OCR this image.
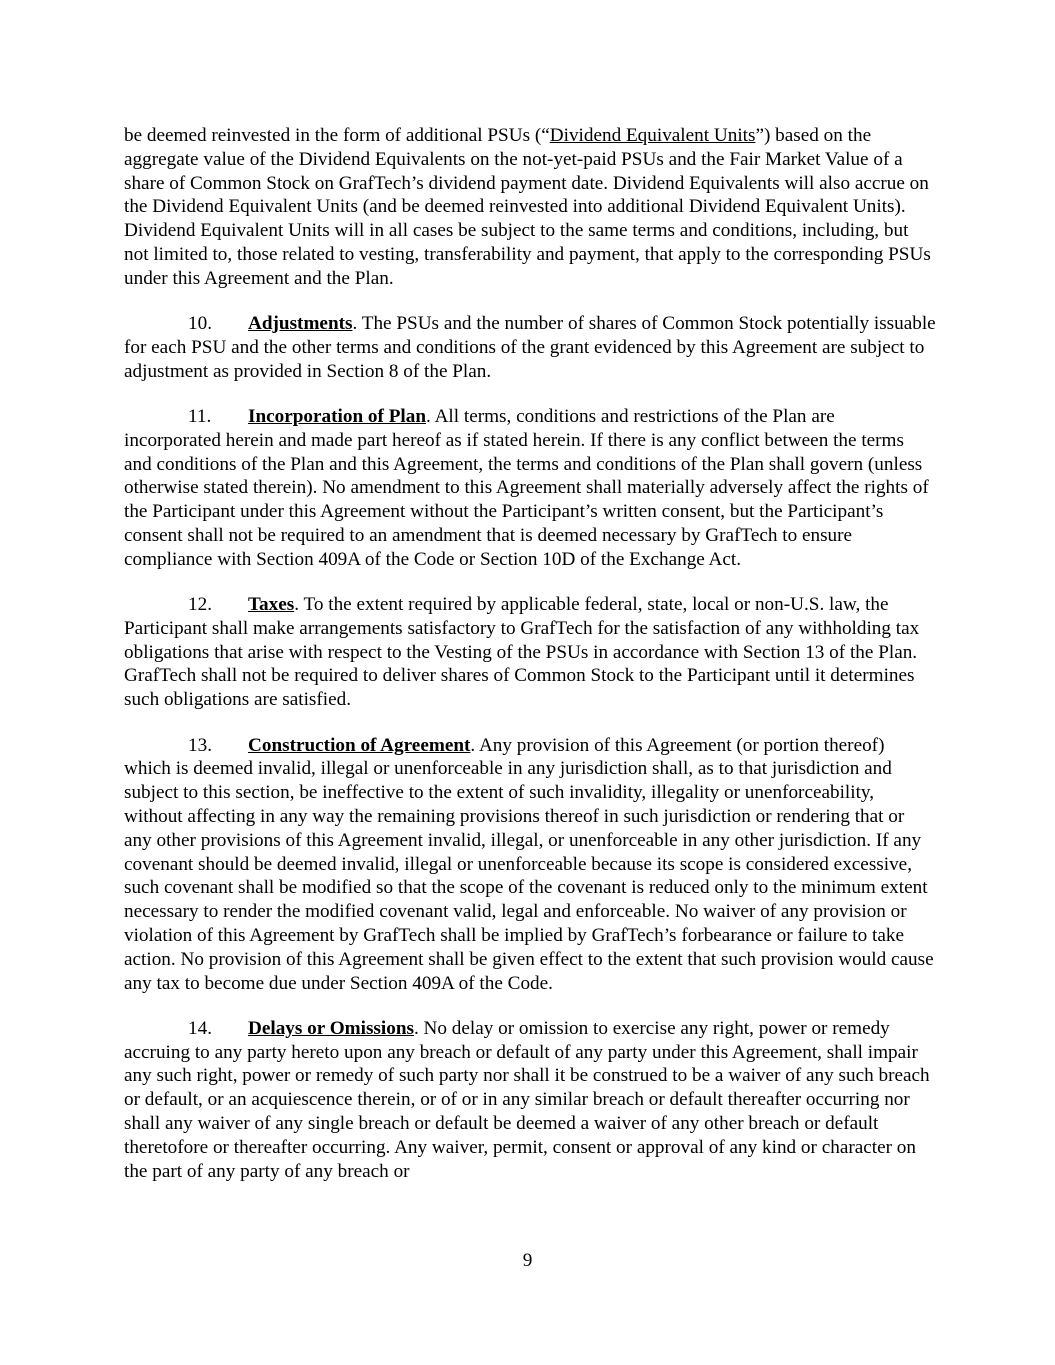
be deemed reinvested in the form of additional PSUs (“Dividend Equivalent Units”) based on the aggregate value of the Dividend Equivalents on the not-yet-paid PSUs and the Fair Market Value of a share of Common Stock on GrafTech’s dividend payment date. Dividend Equivalents will also accrue on the Dividend Equivalent Units (and be deemed reinvested into additional Dividend Equivalent Units). Dividend Equivalent Units will in all cases be subject to the same terms and conditions, including, but not limited to, those related to vesting, transferability and payment, that apply to the corresponding PSUs under this Agreement and the Plan.

10. Adjustments. The PSUs and the number of shares of Common Stock potentially issuable for each PSU and the other terms and conditions of the grant evidenced by this Agreement are subject to adjustment as provided in Section 8 of the Plan.

11. Incorporation of Plan. All terms, conditions and restrictions of the Plan are incorporated herein and made part hereof as if stated herein. If there is any conflict between the terms and conditions of the Plan and this Agreement, the terms and conditions of the Plan shall govern (unless otherwise stated therein). No amendment to this Agreement shall materially adversely affect the rights of the Participant under this Agreement without the Participant’s written consent, but the Participant’s consent shall not be required to an amendment that is deemed necessary by GrafTech to ensure compliance with Section 409A of the Code or Section 10D of the Exchange Act.

12. Taxes. To the extent required by applicable federal, state, local or non-U.S. law, the Participant shall make arrangements satisfactory to GrafTech for the satisfaction of any withholding tax obligations that arise with respect to the Vesting of the PSUs in accordance with Section 13 of the Plan. GrafTech shall not be required to deliver shares of Common Stock to the Participant until it determines such obligations are satisfied.

13. Construction of Agreement. Any provision of this Agreement (or portion thereof) which is deemed invalid, illegal or unenforceable in any jurisdiction shall, as to that jurisdiction and subject to this section, be ineffective to the extent of such invalidity, illegality or unenforceability, without affecting in any way the remaining provisions thereof in such jurisdiction or rendering that or any other provisions of this Agreement invalid, illegal, or unenforceable in any other jurisdiction. If any covenant should be deemed invalid, illegal or unenforceable because its scope is considered excessive, such covenant shall be modified so that the scope of the covenant is reduced only to the minimum extent necessary to render the modified covenant valid, legal and enforceable. No waiver of any provision or violation of this Agreement by GrafTech shall be implied by GrafTech’s forbearance or failure to take action. No provision of this Agreement shall be given effect to the extent that such provision would cause any tax to become due under Section 409A of the Code.

14. Delays or Omissions. No delay or omission to exercise any right, power or remedy accruing to any party hereto upon any breach or default of any party under this Agreement, shall impair any such right, power or remedy of such party nor shall it be construed to be a waiver of any such breach or default, or an acquiescence therein, or of or in any similar breach or default thereafter occurring nor shall any waiver of any single breach or default be deemed a waiver of any other breach or default theretofore or thereafter occurring. Any waiver, permit, consent or approval of any kind or character on the part of any party of any breach or

9
